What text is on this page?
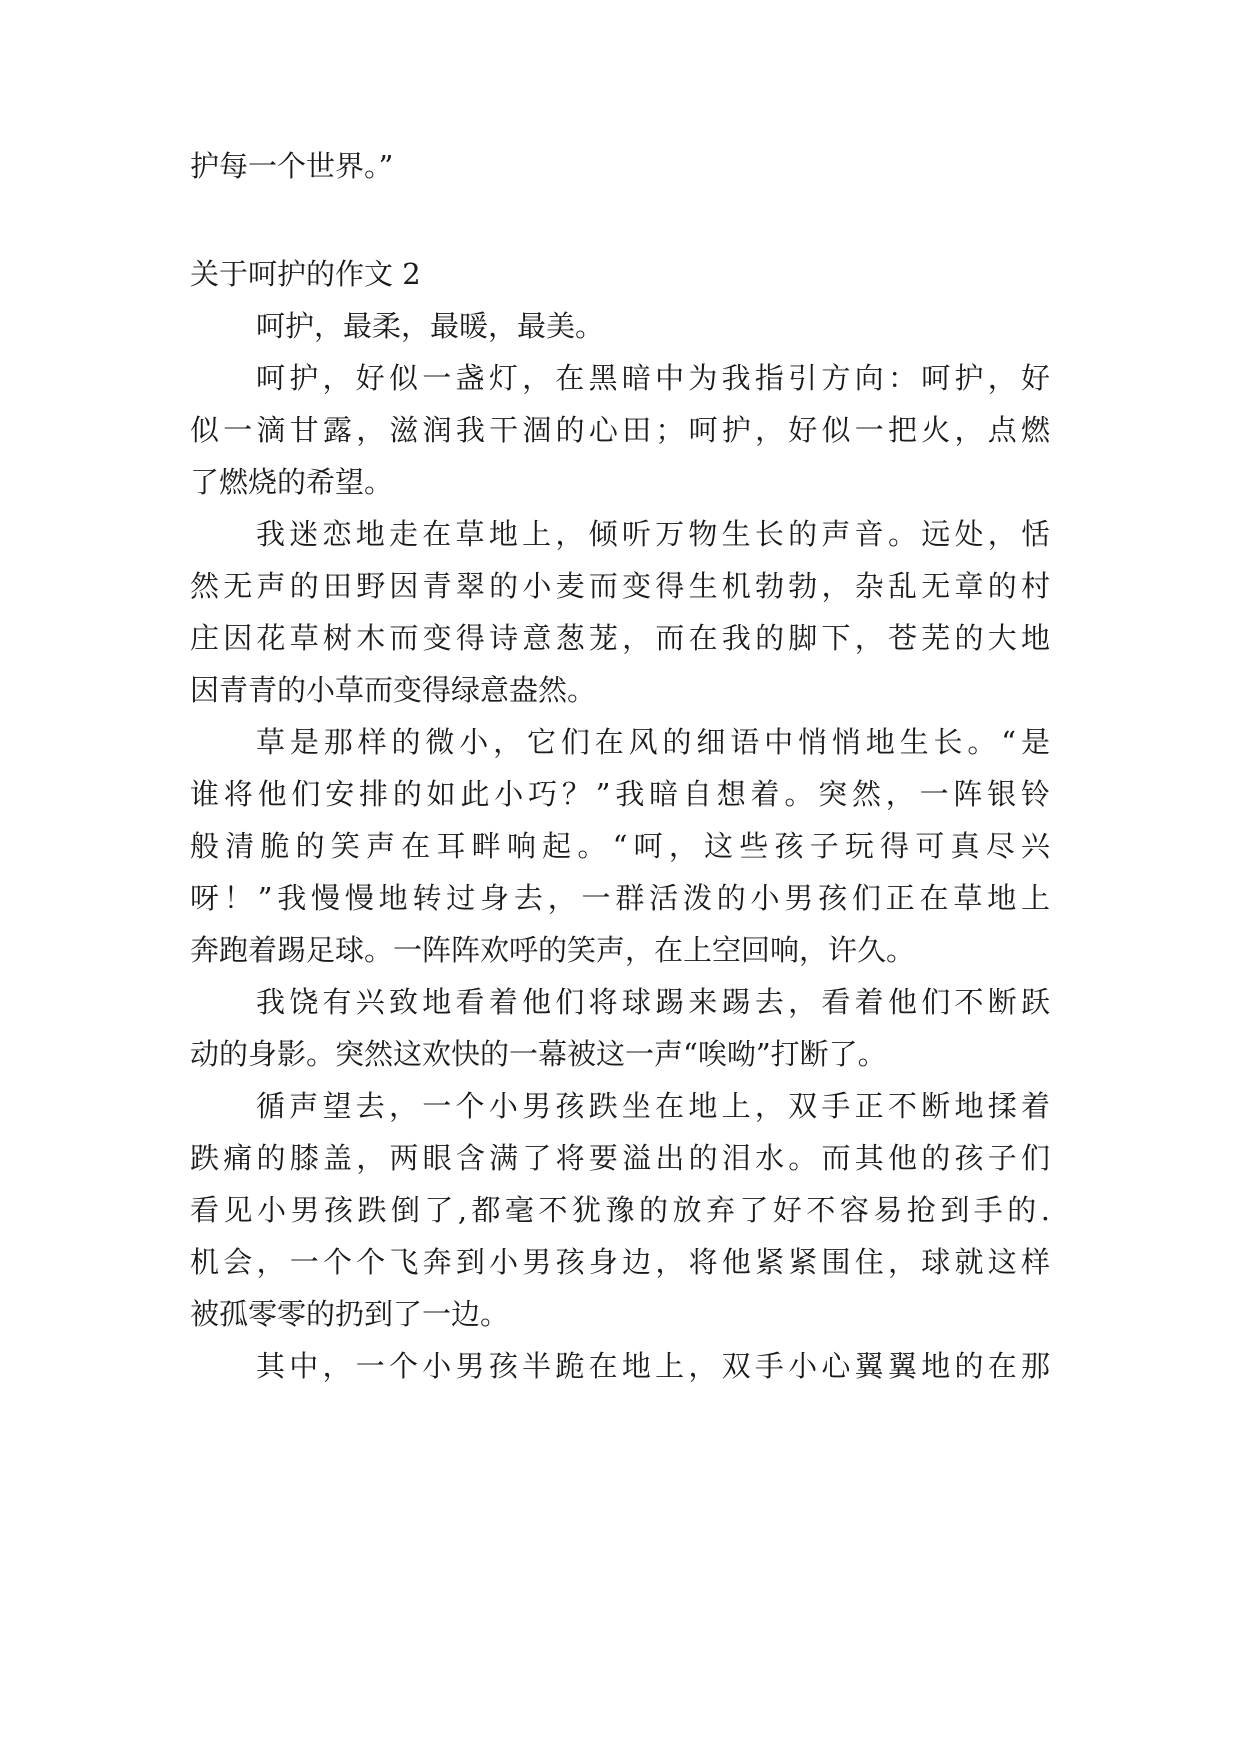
护每一个世界。”
关于呵护的作文 2
呵护，最柔，最暖，最美。
呵护，好似一盏灯，在黑暗中为我指引方向：呵护，好
似一滴甘露，滋润我干涸的心田；呵护，好似一把火，点燃
了燃烧的希望。
我迷恋地走在草地上，倾听万物生长的声音。远处，恬
然无声的田野因青翠的小麦而变得生机勃勃，杂乱无章的村
庄因花草树木而变得诗意葱茏，而在我的脚下，苍芜的大地
因青青的小草而变得绿意盎然。
草是那样的微小，它们在风的细语中悄悄地生长。“是
谁将他们安排的如此小巧？”我暗自想着。突然，一阵银铃
般清脆的笑声在耳畔响起。“呵，这些孩子玩得可真尽兴
呀！”我慢慢地转过身去，一群活泼的小男孩们正在草地上
奔跑着踢足球。一阵阵欢呼的笑声，在上空回响，许久。
我饶有兴致地看着他们将球踢来踢去，看着他们不断跃
动的身影。突然这欢快的一幕被这一声“唉呦”打断了。
循声望去，一个小男孩跌坐在地上，双手正不断地揉着
跌痛的膝盖，两眼含满了将要溢出的泪水。而其他的孩子们
看见小男孩跌倒了,都毫不犹豫的放弃了好不容易抢到手的.
机会，一个个飞奔到小男孩身边，将他紧紧围住，球就这样
被孤零零的扔到了一边。
其中，一个小男孩半跪在地上，双手小心翼翼地的在那
